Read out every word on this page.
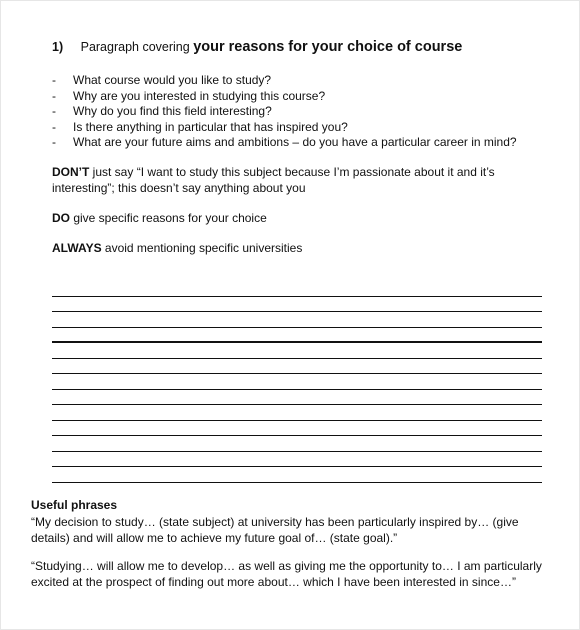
1) Paragraph covering your reasons for your choice of course
- What course would you like to study?
- Why are you interested in studying this course?
- Why do you find this field interesting?
- Is there anything in particular that has inspired you?
- What are your future aims and ambitions – do you have a particular career in mind?

DON’T just say “I want to study this subject because I’m passionate about it and it’s interesting”; this doesn’t say anything about you

DO give specific reasons for your choice

ALWAYS avoid mentioning specific universities

Useful phrases

“My decision to study… (state subject) at university has been particularly inspired by… (give details) and will allow me to achieve my future goal of… (state goal).”

“Studying… will allow me to develop… as well as giving me the opportunity to… I am particularly excited at the prospect of finding out more about… which I have been interested in since…”
